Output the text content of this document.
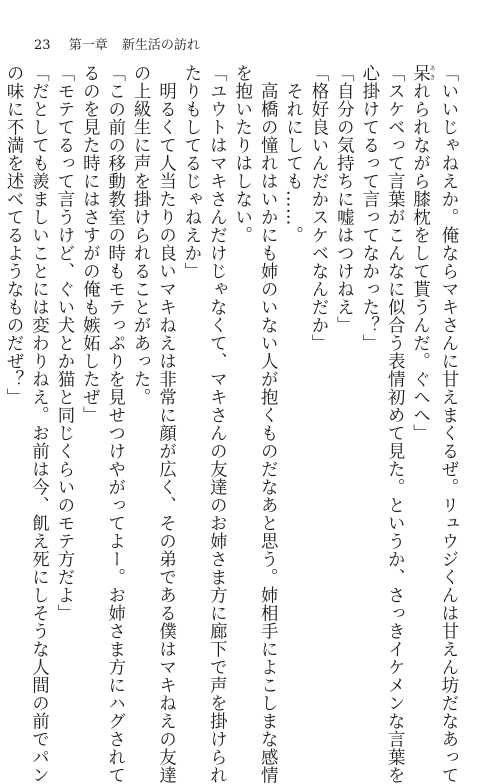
23 第一章 新生活の訪れ
「いいじゃねえか。俺ならマキさんに甘えまくるぜ。リュウジくんは甘えん坊だなあって
呆あきれられながら膝枕をして貰うんだ。ぐへへ」
「スケベって言葉がこんなに似合う表情初めて見た。というか、さっきイケメンな言葉を
心掛けてるって言ってなかった？」
「自分の気持ちに嘘はつけねえ」
「格好良いんだかスケベなんだか」
　それにしても……。
　高橋の憧れはいかにも姉のいない人が抱くものだなあと思う。姉相手によこしまな感情
を抱いたりはしない。
「ユウトはマキさんだけじゃなくて、マキさんの友達のお姉さま方に廊下で声を掛けられ
たりもしてるじゃねえか」
　明るくて人当たりの良いマキねえは非常に顔が広く、その弟である僕はマキねえの友達
の上級生に声を掛けられることがあった。
「この前の移動教室の時もモテっぷりを見せつけやがってよー。お姉さま方にハグされて
るのを見た時にはさすがの俺も嫉妬したぜ」
「モテてるって言うけど、ぐい犬とか猫と同じくらいのモテ方だよ」
「だとしても羨ましいことには変わりねえ。お前は今、飢え死にしそうな人間の前でパン
の味に不満を述べてるようなものだぜ？」
